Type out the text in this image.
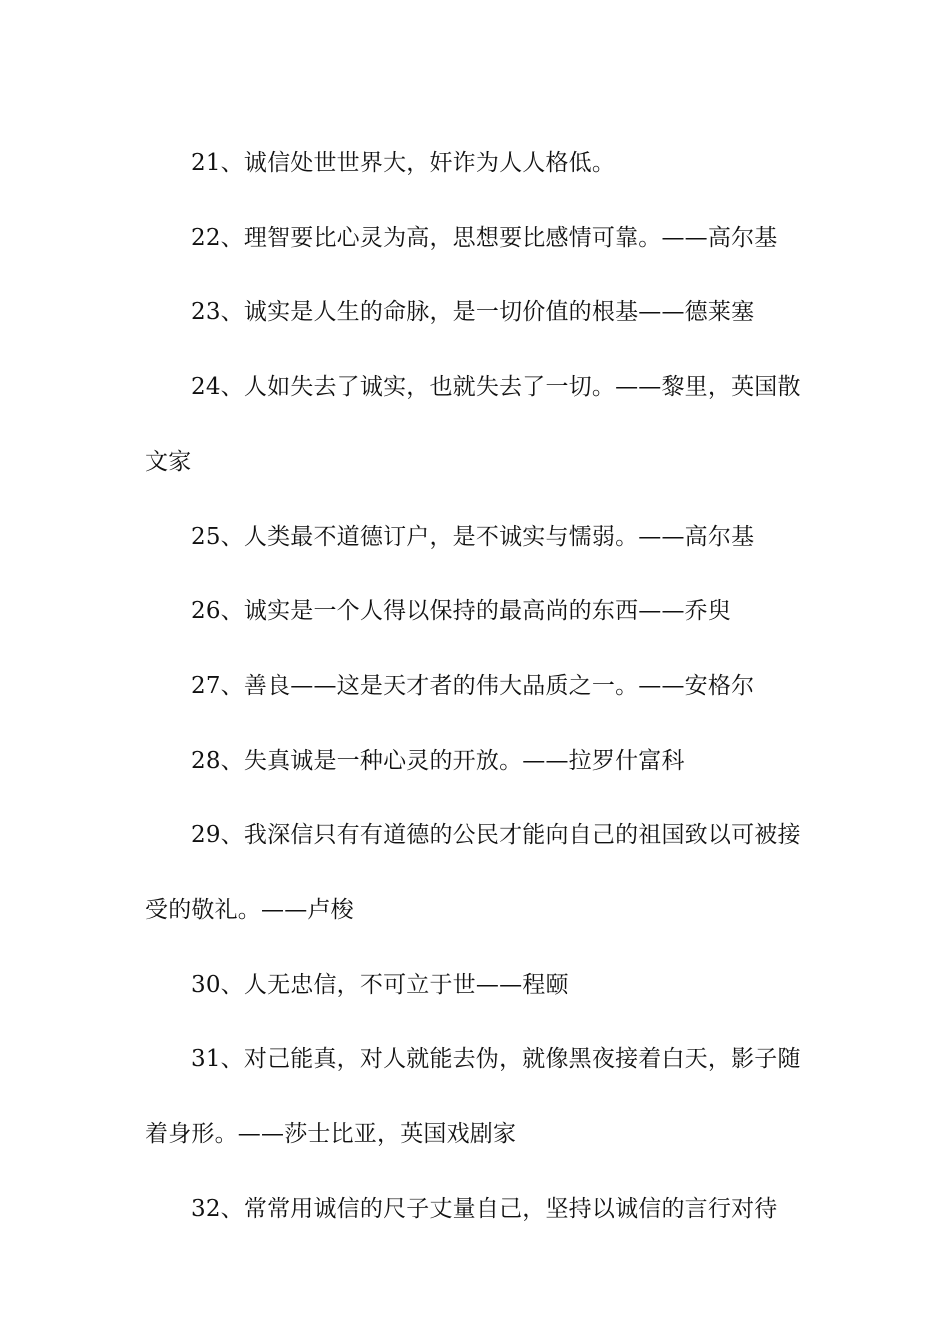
21、诚信处世世界大，奸诈为人人格低。

22、理智要比心灵为高，思想要比感情可靠。——高尔基

23、诚实是人生的命脉，是一切价值的根基——德莱塞

24、人如失去了诚实，也就失去了一切。——黎里，英国散文家

25、人类最不道德订户，是不诚实与懦弱。——高尔基

26、诚实是一个人得以保持的最高尚的东西——乔臾

27、善良——这是天才者的伟大品质之一。——安格尔

28、失真诚是一种心灵的开放。——拉罗什富科

29、我深信只有有道德的公民才能向自己的祖国致以可被接受的敬礼。——卢梭

30、人无忠信，不可立于世——程颐

31、对己能真，对人就能去伪，就像黑夜接着白天，影子随着身形。——莎士比亚，英国戏剧家

32、常常用诚信的尺子丈量自己，坚持以诚信的言行对待
